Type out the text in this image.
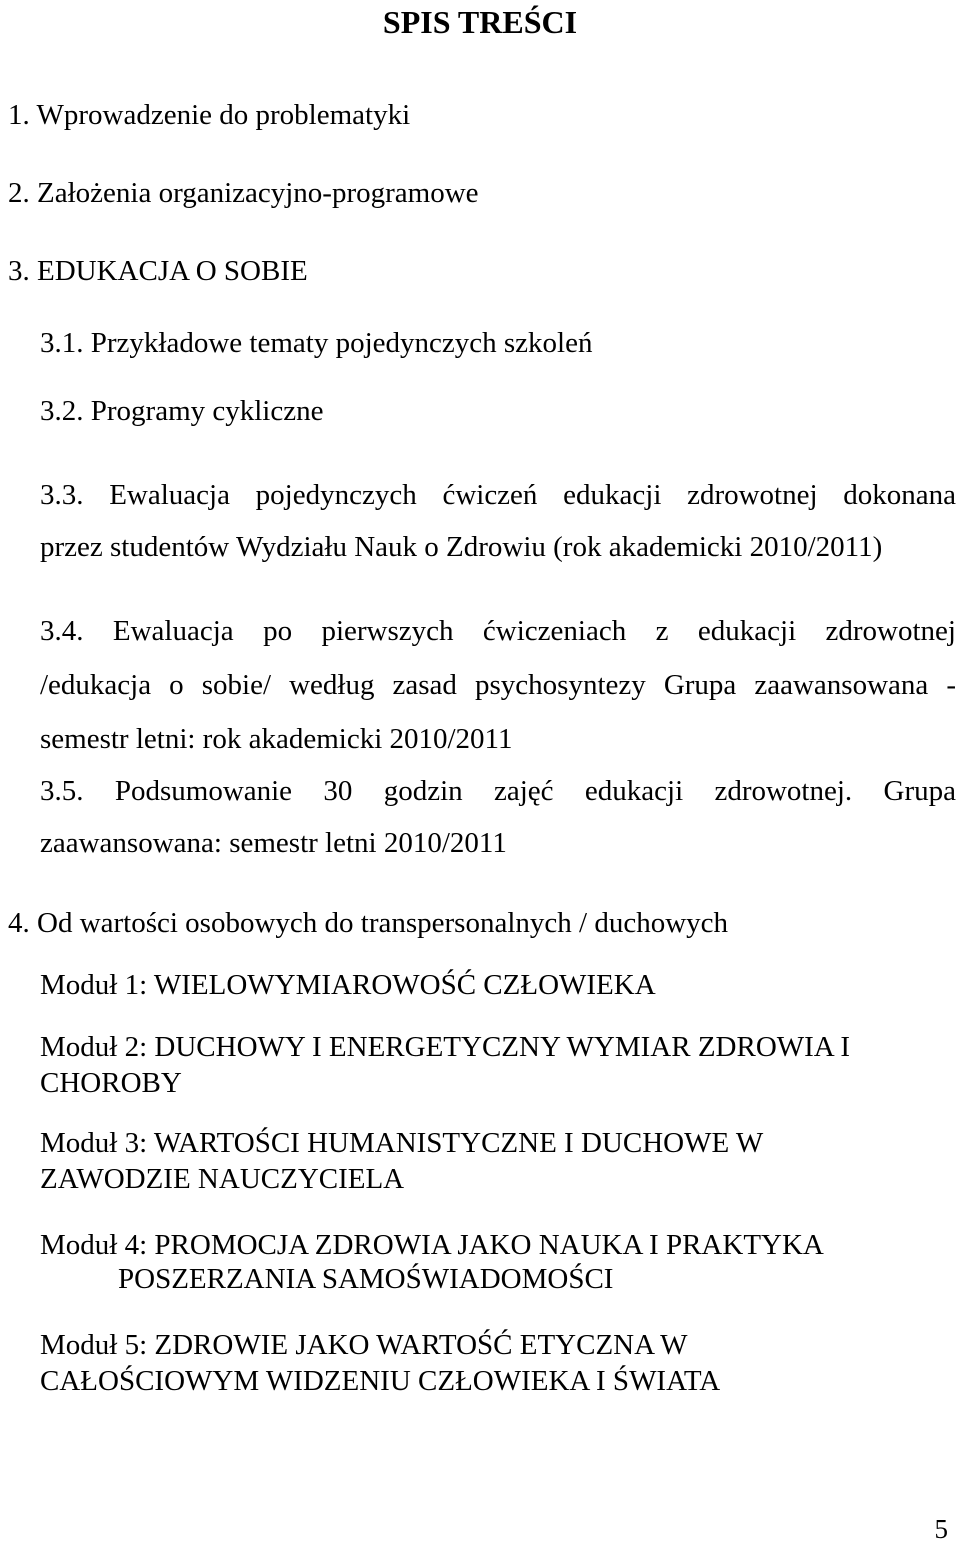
SPIS TREŚCI
1. Wprowadzenie do problematyki
2. Założenia organizacyjno-programowe
3. EDUKACJA O SOBIE
3.1. Przykładowe tematy pojedynczych szkoleń
3.2. Programy cykliczne
3.3. Ewaluacja pojedynczych ćwiczeń edukacji zdrowotnej dokonana
przez studentów Wydziału Nauk o Zdrowiu (rok akademicki 2010/2011)
3.4. Ewaluacja po pierwszych ćwiczeniach z edukacji zdrowotnej
/edukacja o sobie/ według zasad psychosyntezy Grupa zaawansowana -
semestr letni: rok akademicki 2010/2011
3.5. Podsumowanie 30 godzin zajęć edukacji zdrowotnej. Grupa
zaawansowana: semestr letni 2010/2011
4. Od wartości osobowych do transpersonalnych / duchowych
Moduł 1: WIELOWYMIAROWOŚĆ CZŁOWIEKA
Moduł 2: DUCHOWY I ENERGETYCZNY WYMIAR ZDROWIA I
CHOROBY
Moduł 3: WARTOŚCI HUMANISTYCZNE I DUCHOWE W
ZAWODZIE NAUCZYCIELA
Moduł 4: PROMOCJA ZDROWIA JAKO NAUKA I PRAKTYKA
POSZERZANIA SAMOŚWIADOMOŚCI
Moduł 5: ZDROWIE JAKO WARTOŚĆ ETYCZNA W
CAŁOŚCIOWYM WIDZENIU CZŁOWIEKA I ŚWIATA
5
